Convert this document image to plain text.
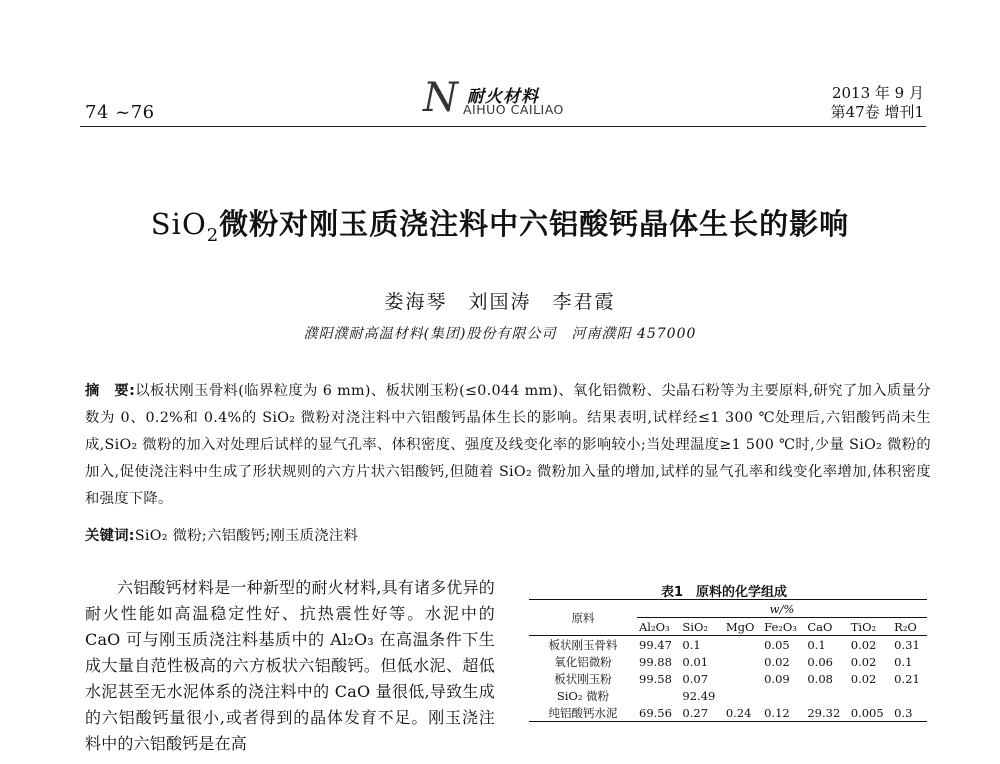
74 ~76	N 耐火材料
AIHUO CAILIAO
2013 年 9 月
第47卷 增刊1
SiO$_2$微粉对刚玉质浇注料中六铝酸钙晶体生长的影响
娄海琴　刘国涛　李君霞
濮阳濮耐高温材料(集团)股份有限公司　河南濮阳 457000
摘　要:以板状刚玉骨料(临界粒度为 6 mm)、板状刚玉粉(≤0.044 mm)、氧化铝微粉、尖晶石粉等为主要原料,研究了加入质量分数为 0、0.2%和 0.4%的 SiO₂ 微粉对浇注料中六铝酸钙晶体生长的影响。结果表明,试样经≤1 300 ℃处理后,六铝酸钙尚未生成,SiO₂ 微粉的加入对处理后试样的显气孔率、体积密度、强度及线变化率的影响较小;当处理温度≥1 500 ℃时,少量 SiO₂ 微粉的加入,促使浇注料中生成了形状规则的六方片状六铝酸钙,但随着 SiO₂ 微粉加入量的增加,试样的显气孔率和线变化率增加,体积密度和强度下降。
关键词:SiO₂ 微粉;六铝酸钙;刚玉质浇注料
六铝酸钙材料是一种新型的耐火材料,具有诸多优异的耐火性能如高温稳定性好、抗热震性好等。水泥中的 CaO 可与刚玉质浇注料基质中的 Al₂O₃ 在高温条件下生成大量自范性极高的六方板状六铝酸钙。但低水泥、超低水泥甚至无水泥体系的浇注料中的 CaO 量很低,导致生成的六铝酸钙量很小,或者得到的晶体发育不足。刚玉浇注料中的六铝酸钙是在高
表1　原料的化学组成
原料	w/%						
	Al₂O₃	SiO₂	MgO	Fe₂O₃	CaO	TiO₂	R₂O
板状刚玉骨料	99.47	0.1		0.05	0.1	0.02	0.31
氧化铝微粉	99.88	0.01		0.02	0.06	0.02	0.1
板状刚玉粉	99.58	0.07		0.09	0.08	0.02	0.21
SiO₂ 微粉		92.49					
纯铝酸钙水泥	69.56	0.27	0.24	0.12	29.32	0.005	0.3
